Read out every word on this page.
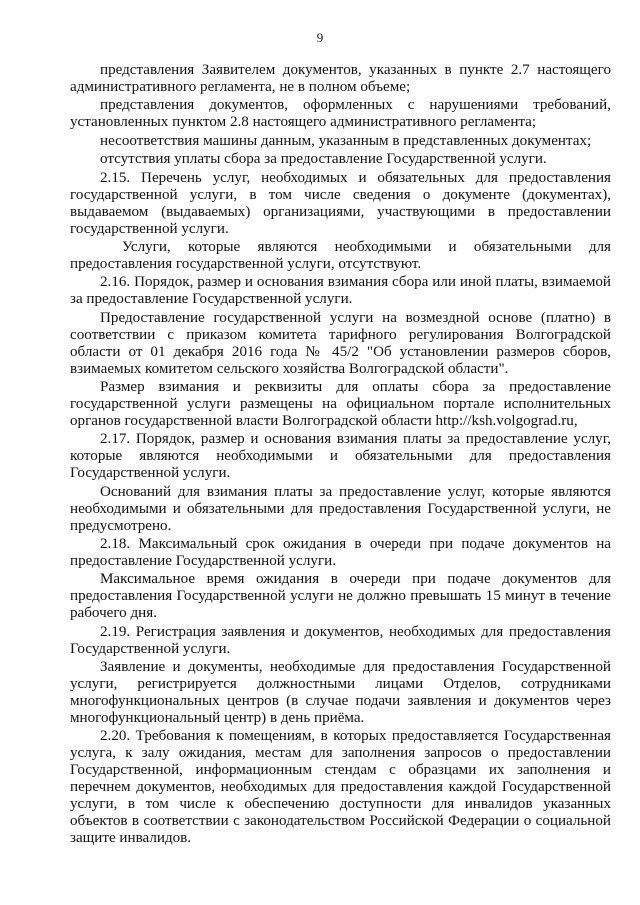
9

представления Заявителем документов, указанных в пункте 2.7 настоящего административного регламента, не в полном объеме;

представления документов, оформленных с нарушениями требований, установленных пунктом 2.8 настоящего административного регламента;

несоответствия машины данным, указанным в представленных документах;

отсутствия уплаты сбора за предоставление Государственной услуги.

2.15. Перечень услуг, необходимых и обязательных для предоставления государственной услуги, в том числе сведения о документе (документах), выдаваемом (выдаваемых) организациями, участвующими в предоставлении государственной услуги.

Услуги, которые являются необходимыми и обязательными для предоставления государственной услуги, отсутствуют.

2.16. Порядок, размер и основания взимания сбора или иной платы, взимаемой за предоставление Государственной услуги.

Предоставление государственной услуги на возмездной основе (платно) в соответствии с приказом комитета тарифного регулирования Волгоградской области от 01 декабря 2016 года № 45/2 "Об установлении размеров сборов, взимаемых комитетом сельского хозяйства Волгоградской области".

Размер взимания и реквизиты для оплаты сбора за предоставление государственной услуги размещены на официальном портале исполнительных органов государственной власти Волгоградской области http://ksh.volgograd.ru,

2.17. Порядок, размер и основания взимания платы за предоставление услуг, которые являются необходимыми и обязательными для предоставления Государственной услуги.

Оснований для взимания платы за предоставление услуг, которые являются необходимыми и обязательными для предоставления Государственной услуги, не предусмотрено.

2.18. Максимальный срок ожидания в очереди при подаче документов на предоставление Государственной услуги.

Максимальное время ожидания в очереди при подаче документов для предоставления Государственной услуги не должно превышать 15 минут в течение рабочего дня.

2.19. Регистрация заявления и документов, необходимых для предоставления Государственной услуги.

Заявление и документы, необходимые для предоставления Государственной услуги, регистрируется должностными лицами Отделов, сотрудниками многофункциональных центров (в случае подачи заявления и документов через многофункциональный центр) в день приёма.

2.20. Требования к помещениям, в которых предоставляется Государственная услуга, к залу ожидания, местам для заполнения запросов о предоставлении Государственной, информационным стендам с образцами их заполнения и перечнем документов, необходимых для предоставления каждой Государственной услуги, в том числе к обеспечению доступности для инвалидов указанных объектов в соответствии с законодательством Российской Федерации о социальной защите инвалидов.
